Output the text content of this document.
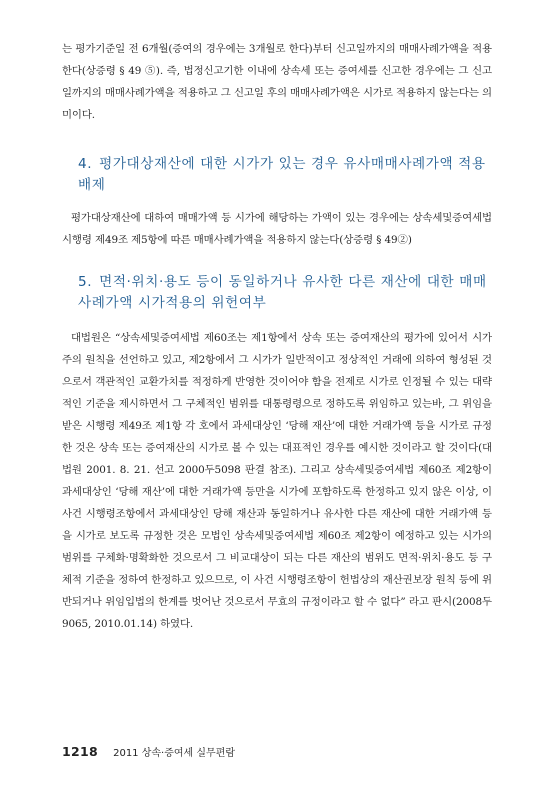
는 평가기준일 전 6개월(증여의 경우에는 3개월로 한다)부터 신고일까지의 매매사례가액을 적용한다(상증령 § 49 ⑤). 즉, 법정신고기한 이내에 상속세 또는 증여세를 신고한 경우에는 그 신고일까지의 매매사례가액을 적용하고 그 신고일 후의 매매사례가액은 시가로 적용하지 않는다는 의미이다.

4. 평가대상재산에 대한 시가가 있는 경우 유사매매사례가액 적용배제

평가대상재산에 대하여 매매가액 등 시가에 해당하는 가액이 있는 경우에는 상속세및증여세법 시행령 제49조 제5항에 따른 매매사례가액을 적용하지 않는다(상증령 § 49②)

5. 면적·위치·용도 등이 동일하거나 유사한 다른 재산에 대한 매매사례가액 시가적용의 위헌여부

대법원은 “상속세및증여세법 제60조는 제1항에서 상속 또는 증여재산의 평가에 있어서 시가주의 원칙을 선언하고 있고, 제2항에서 그 시가가 일반적이고 정상적인 거래에 의하여 형성된 것으로서 객관적인 교환가치를 적정하게 반영한 것이어야 함을 전제로 시가로 인정될 수 있는 대략적인 기준을 제시하면서 그 구체적인 범위를 대통령령으로 정하도록 위임하고 있는바, 그 위임을 받은 시행령 제49조 제1항 각 호에서 과세대상인 ‘당해 재산’에 대한 거래가액 등을 시가로 규정한 것은 상속 또는 증여재산의 시가로 볼 수 있는 대표적인 경우를 예시한 것이라고 할 것이다(대법원 2001. 8. 21. 선고 2000두5098 판결 참조). 그리고 상속세및증여세법 제60조 제2항이 과세대상인 ‘당해 재산’에 대한 거래가액 등만을 시가에 포함하도록 한정하고 있지 않은 이상, 이 사건 시행령조항에서 과세대상인 당해 재산과 동일하거나 유사한 다른 재산에 대한 거래가액 등을 시가로 보도록 규정한 것은 모법인 상속세및증여세법 제60조 제2항이 예정하고 있는 시가의 범위를 구체화·명확화한 것으로서 그 비교대상이 되는 다른 재산의 범위도 면적·위치·용도 등 구체적 기준을 정하여 한정하고 있으므로, 이 사건 시행령조항이 헌법상의 재산권보장 원칙 등에 위반되거나 위임입법의 한계를 벗어난 것으로서 무효의 규정이라고 할 수 없다” 라고 판시(2008두9065, 2010.01.14) 하였다.

1218 2011 상속·증여세 실무편람
